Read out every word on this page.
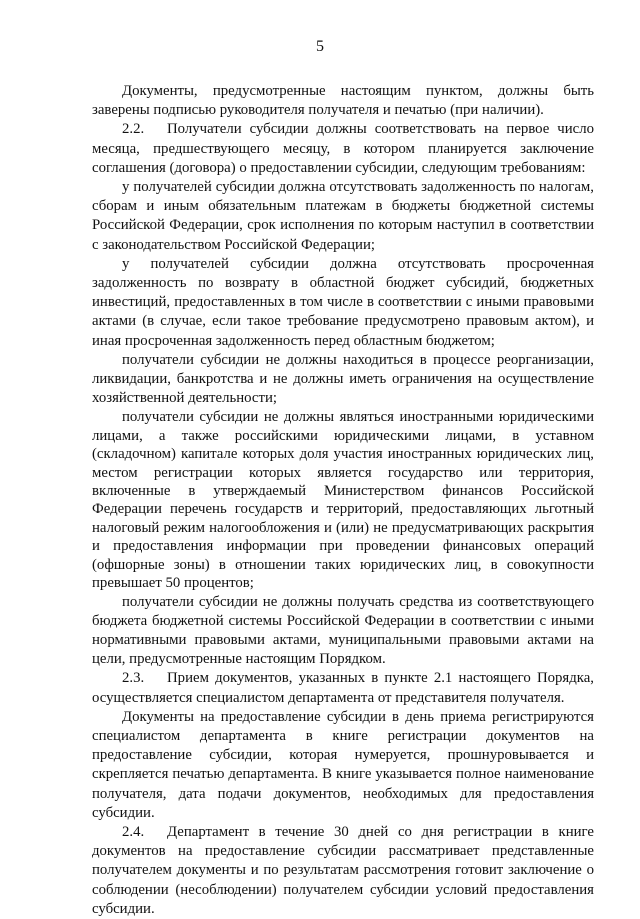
5

Документы, предусмотренные настоящим пунктом, должны быть заверены подписью руководителя получателя и печатью (при наличии).

2.2. Получатели субсидии должны соответствовать на первое число месяца, предшествующего месяцу, в котором планируется заключение соглашения (договора) о предоставлении субсидии, следующим требованиям:

у получателей субсидии должна отсутствовать задолженность по налогам, сборам и иным обязательным платежам в бюджеты бюджетной системы Российской Федерации, срок исполнения по которым наступил в соответствии с законодательством Российской Федерации;

у получателей субсидии должна отсутствовать просроченная задолженность по возврату в областной бюджет субсидий, бюджетных инвестиций, предоставленных в том числе в соответствии с иными правовыми актами (в случае, если такое требование предусмотрено правовым актом), и иная просроченная задолженность перед областным бюджетом;

получатели субсидии не должны находиться в процессе реорганизации, ликвидации, банкротства и не должны иметь ограничения на осуществление хозяйственной деятельности;

получатели субсидии не должны являться иностранными юридическими лицами, а также российскими юридическими лицами, в уставном (складочном) капитале которых доля участия иностранных юридических лиц, местом регистрации которых является государство или территория, включенные в утверждаемый Министерством финансов Российской Федерации перечень государств и территорий, предоставляющих льготный налоговый режим налогообложения и (или) не предусматривающих раскрытия и предоставления информации при проведении финансовых операций (офшорные зоны) в отношении таких юридических лиц, в совокупности превышает 50 процентов;

получатели субсидии не должны получать средства из соответствующего бюджета бюджетной системы Российской Федерации в соответствии с иными нормативными правовыми актами, муниципальными правовыми актами на цели, предусмотренные настоящим Порядком.

2.3. Прием документов, указанных в пункте 2.1 настоящего Порядка, осуществляется специалистом департамента от представителя получателя.

Документы на предоставление субсидии в день приема регистрируются специалистом департамента в книге регистрации документов на предоставление субсидии, которая нумеруется, прошнуровывается и скрепляется печатью департамента. В книге указывается полное наименование получателя, дата подачи документов, необходимых для предоставления субсидии.

2.4. Департамент в течение 30 дней со дня регистрации в книге документов на предоставление субсидии рассматривает представленные получателем документы и по результатам рассмотрения готовит заключение о соблюдении (несоблюдении) получателем субсидии условий предоставления субсидии.
